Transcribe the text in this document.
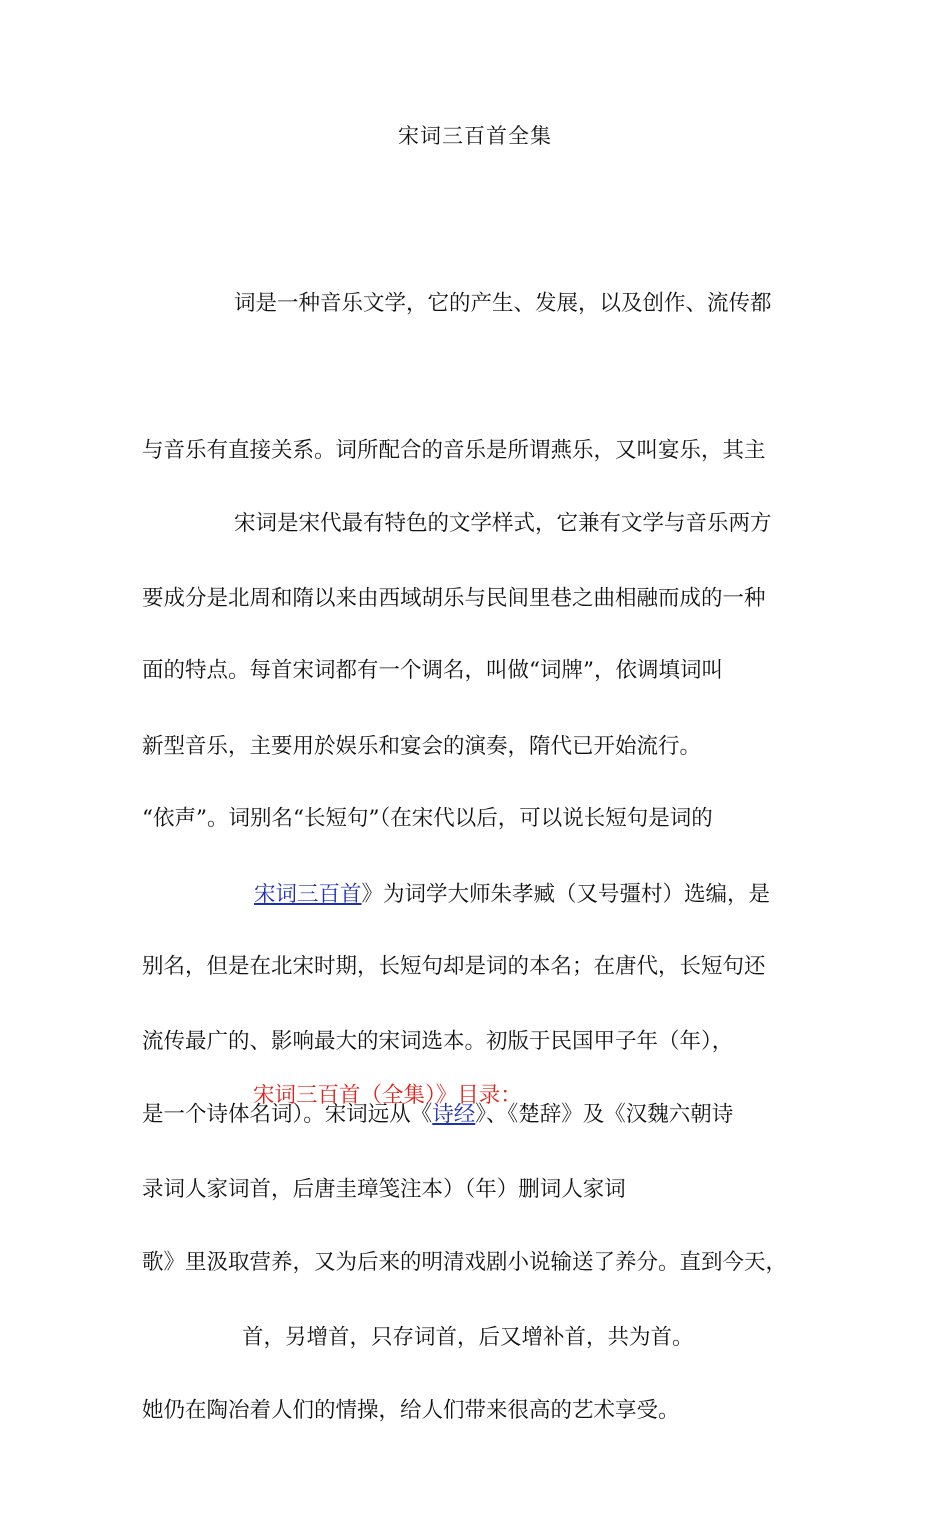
宋词三百首全集

词是一种音乐文学，它的产生、发展，以及创作、流传都

与音乐有直接关系。词所配合的音乐是所谓燕乐，又叫宴乐，其主

要成分是北周和隋以来由西域胡乐与民间里巷之曲相融而成的一种

新型音乐，主要用於娱乐和宴会的演奏，隋代已开始流行。

宋词是宋代最有特色的文学样式，它兼有文学与音乐两方

面的特点。每首宋词都有一个调名，叫做“词牌”，依调填词叫

“依声”。词别名“长短句”（在宋代以后，可以说长短句是词的

别名，但是在北宋时期，长短句却是词的本名；在唐代，长短句还

是一个诗体名词）。宋词远从《诗经》、《楚辞》及《汉魏六朝诗

歌》里汲取营养，又为后来的明清戏剧小说输送了养分。直到今天，

她仍在陶冶着人们的情操，给人们带来很高的艺术享受。

宋词三百首》为词学大师朱孝臧（又号彊村）选编，是

流传最广的、影响最大的宋词选本。初版于民国甲子年（年），

录词人家词首，后唐圭璋笺注本）（年）删词人家词

首，另增首，只存词首，后又增补首，共为首。

宋词三百首（全集）》目录：
